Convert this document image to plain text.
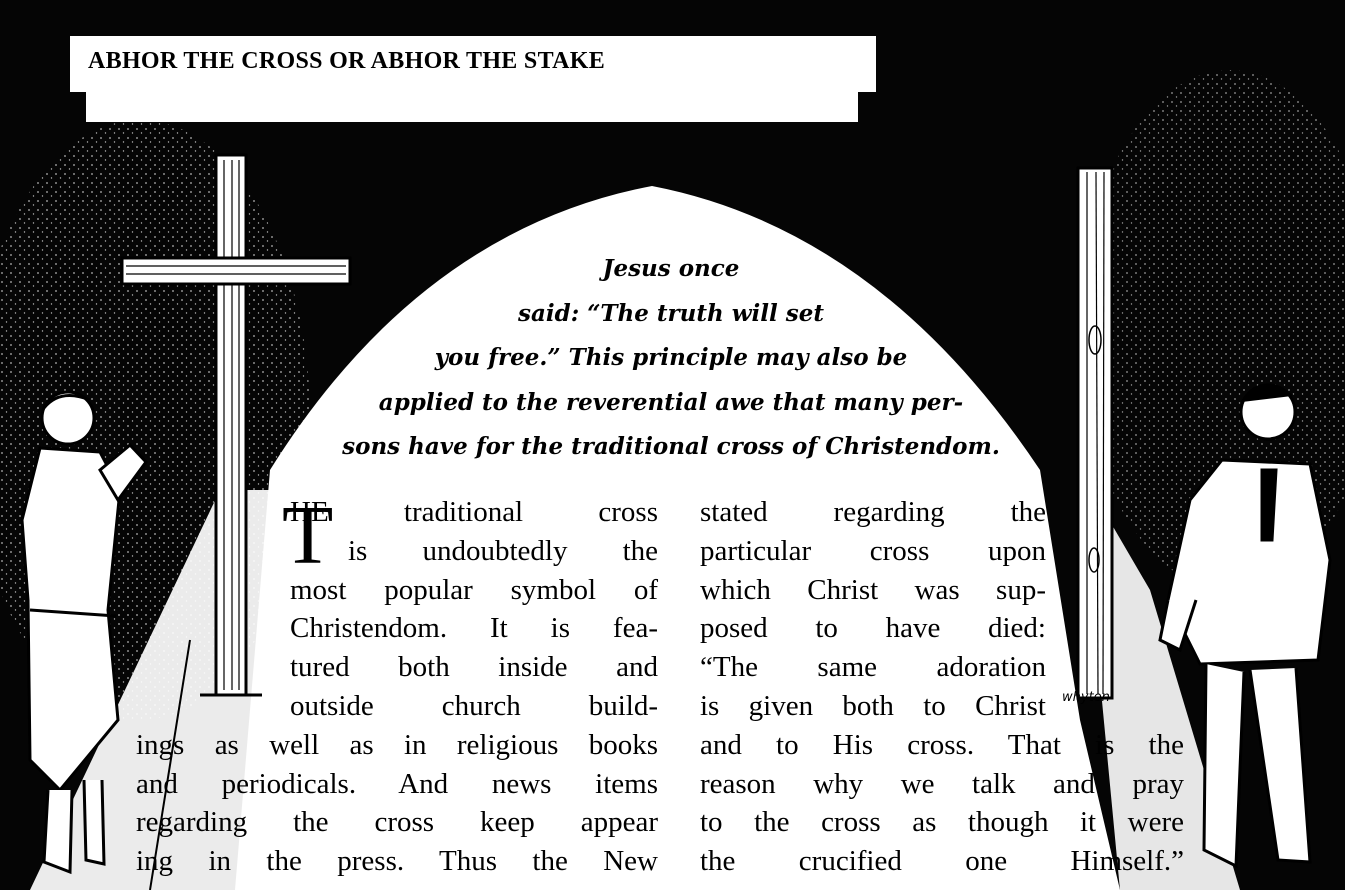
ABHOR THE CROSS OR ABHOR THE STAKE
Jesus once
said: “The truth will set
you free.” This principle may also be
applied to the reverential awe that many per-
sons have for the traditional cross of Christendom.
T
HE traditional cross
is undoubtedly the
most popular symbol of
Christendom. It is fea-
tured both inside and
outside church build-
ings as well as in religious books
and periodicals. And news items
regarding the cross keep appear
ing in the press. Thus the New
stated regarding the
particular cross upon
which Christ was sup-
posed to have died:
“The same adoration
is given both to Christ
and to His cross. That is the
reason why we talk and pray
to the cross as though it were
the crucified one Himself.”
whyten
